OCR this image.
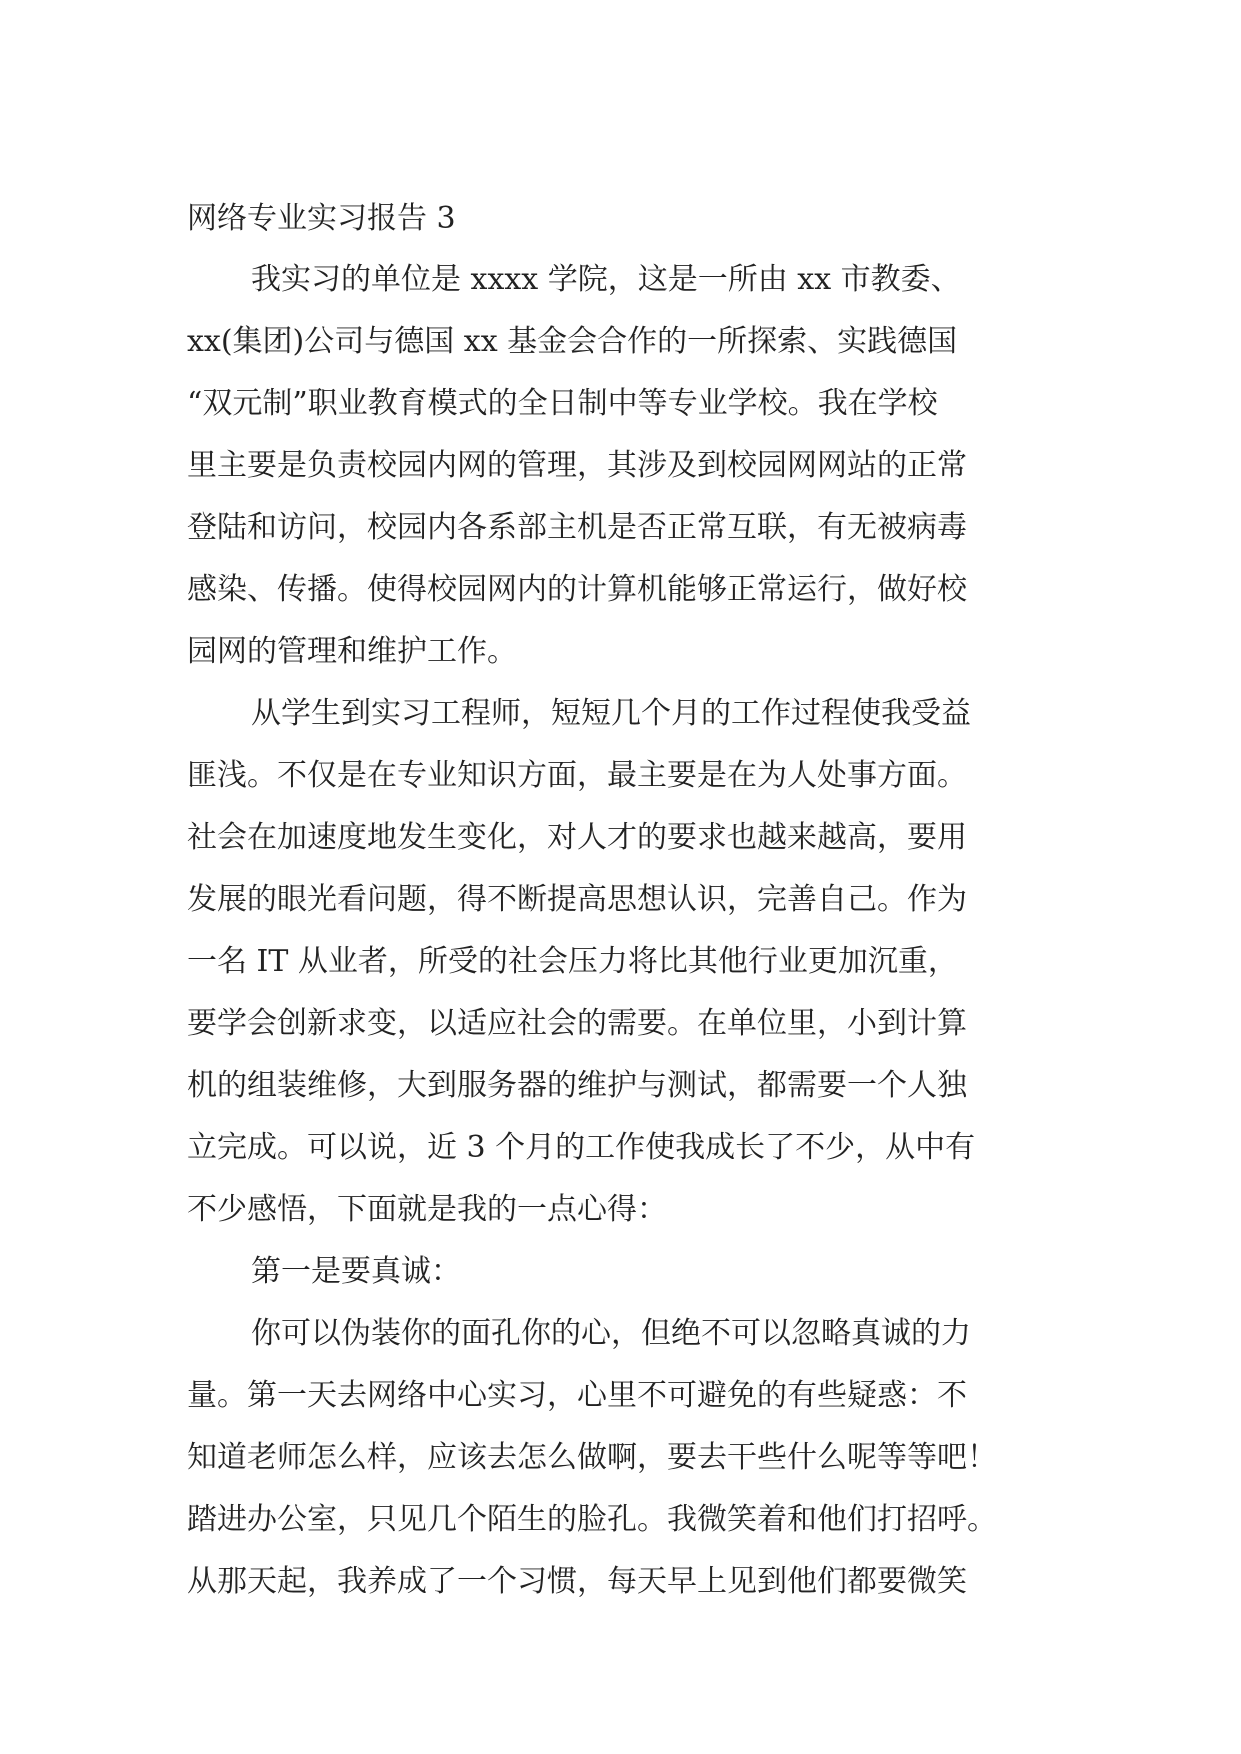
网络专业实习报告 3
我实习的单位是 xxxx 学院，这是一所由 xx 市教委、
xx(集团)公司与德国 xx 基金会合作的一所探索、实践德国
“双元制”职业教育模式的全日制中等专业学校。我在学校
里主要是负责校园内网的管理，其涉及到校园网网站的正常
登陆和访问，校园内各系部主机是否正常互联，有无被病毒
感染、传播。使得校园网内的计算机能够正常运行，做好校
园网的管理和维护工作。
从学生到实习工程师，短短几个月的工作过程使我受益
匪浅。不仅是在专业知识方面，最主要是在为人处事方面。
社会在加速度地发生变化，对人才的要求也越来越高，要用
发展的眼光看问题，得不断提高思想认识，完善自己。作为
一名 IT 从业者，所受的社会压力将比其他行业更加沉重，
要学会创新求变，以适应社会的需要。在单位里，小到计算
机的组装维修，大到服务器的维护与测试，都需要一个人独
立完成。可以说，近 3 个月的工作使我成长了不少，从中有
不少感悟，下面就是我的一点心得：
第一是要真诚：
你可以伪装你的面孔你的心，但绝不可以忽略真诚的力
量。第一天去网络中心实习，心里不可避免的有些疑惑：不
知道老师怎么样，应该去怎么做啊，要去干些什么呢等等吧！
踏进办公室，只见几个陌生的脸孔。我微笑着和他们打招呼。
从那天起，我养成了一个习惯，每天早上见到他们都要微笑
